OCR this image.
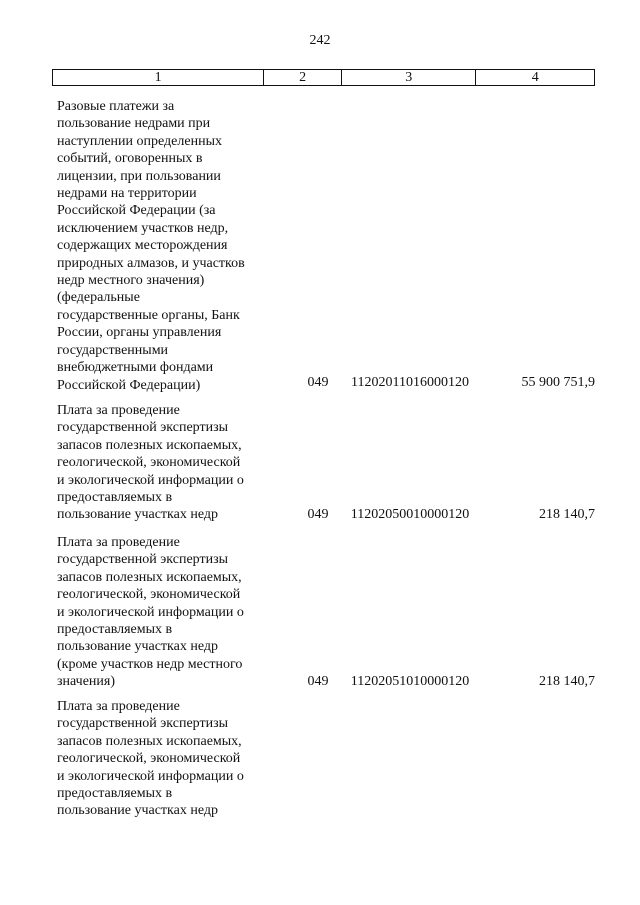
242
1	2	3	4
Разовые платежи за
пользование недрами при
наступлении определенных
событий, оговоренных в
лицензии, при пользовании
недрами на территории
Российской Федерации (за
исключением участков недр,
содержащих месторождения
природных алмазов, и участков
недр местного значения)
(федеральные
государственные органы, Банк
России, органы управления
государственными
внебюджетными фондами
Российской Федерации)	049	11202011016000120	55 900 751,9
Плата за проведение
государственной экспертизы
запасов полезных ископаемых,
геологической, экономической
и экологической информации о
предоставляемых в
пользование участках недр	049	11202050010000120	218 140,7
Плата за проведение
государственной экспертизы
запасов полезных ископаемых,
геологической, экономической
и экологической информации о
предоставляемых в
пользование участках недр
(кроме участков недр местного
значения)	049	11202051010000120	218 140,7
Плата за проведение
государственной экспертизы
запасов полезных ископаемых,
геологической, экономической
и экологической информации о
предоставляемых в
пользование участках недр
